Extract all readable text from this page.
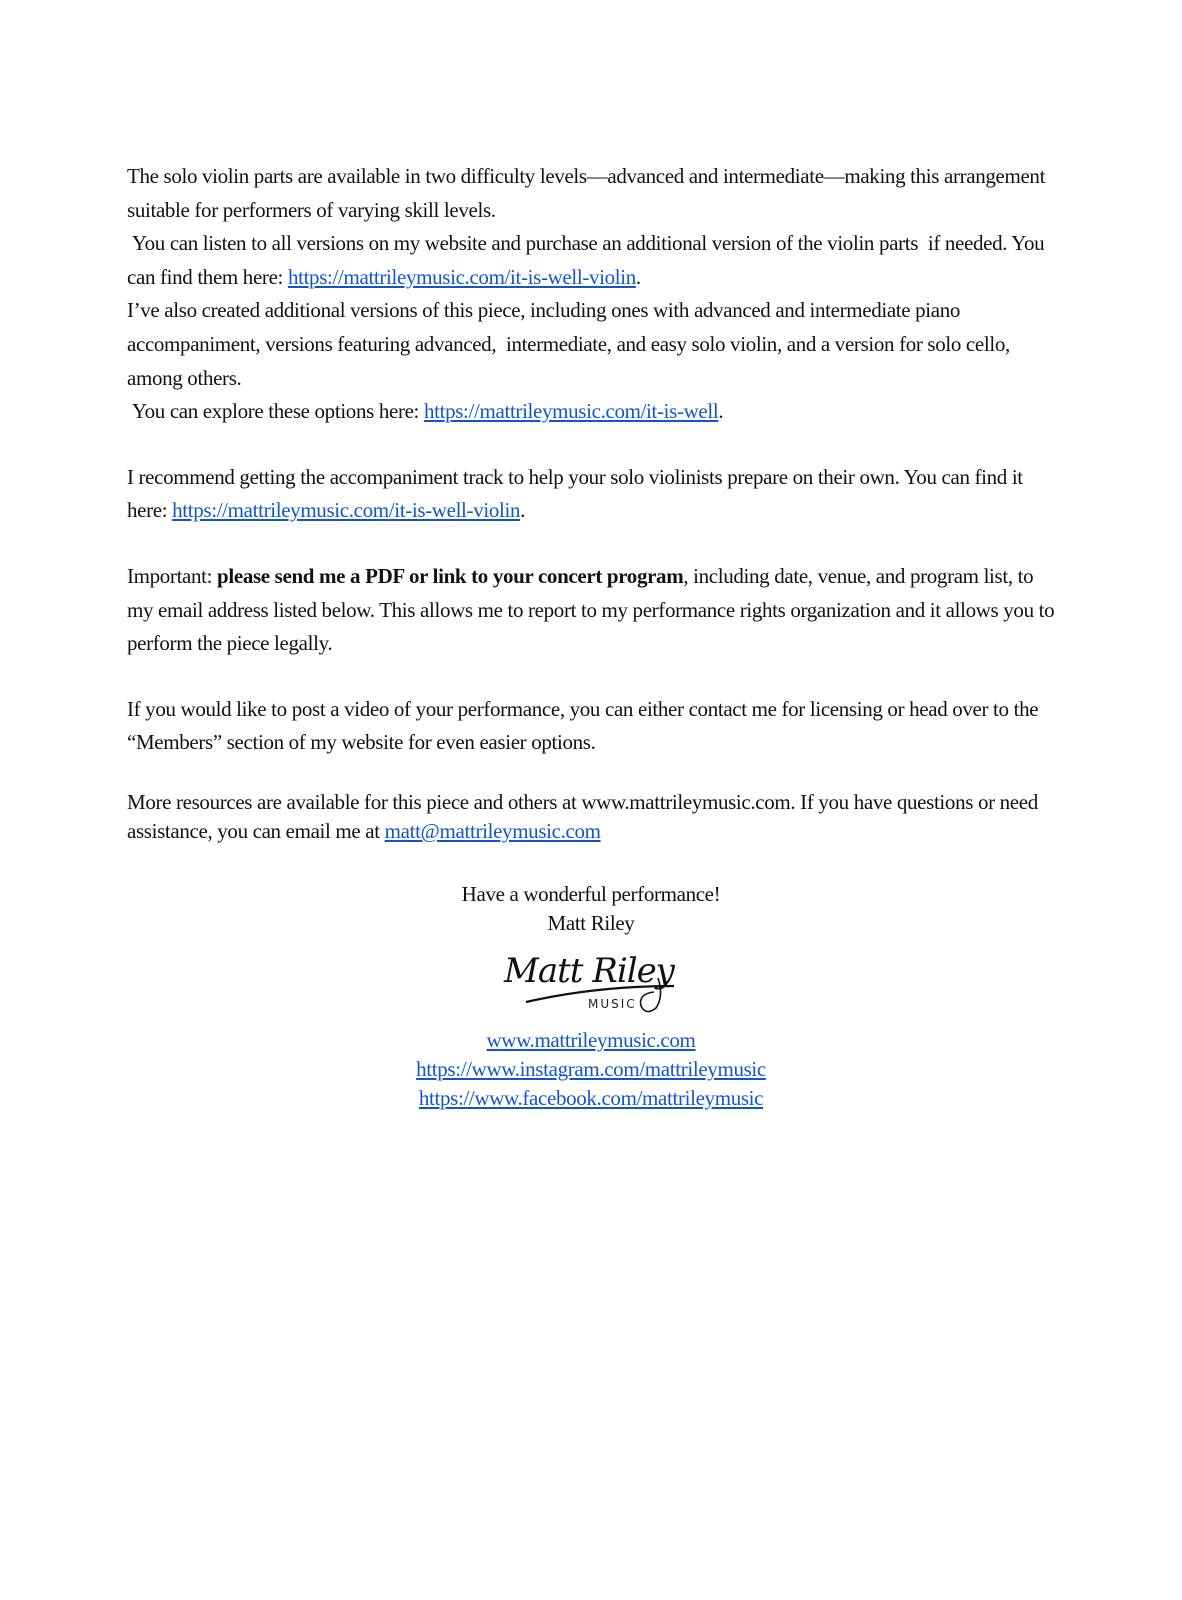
The solo violin parts are available in two difficulty levels—advanced and intermediate—making this arrangement suitable for performers of varying skill levels.
You can listen to all versions on my website and purchase an additional version of the violin parts  if needed. You can find them here: https://mattrileymusic.com/it-is-well-violin.
I’ve also created additional versions of this piece, including ones with advanced and intermediate piano accompaniment, versions featuring advanced,  intermediate, and easy solo violin, and a version for solo cello, among others.
You can explore these options here: https://mattrileymusic.com/it-is-well.

I recommend getting the accompaniment track to help your solo violinists prepare on their own. You can find it here: https://mattrileymusic.com/it-is-well-violin.

Important: please send me a PDF or link to your concert program, including date, venue, and program list, to my email address listed below. This allows me to report to my performance rights organization and it allows you to perform the piece legally.

If you would like to post a video of your performance, you can either contact me for licensing or head over to the “Members” section of my website for even easier options.

More resources are available for this piece and others at www.mattrileymusic.com. If you have questions or need assistance, you can email me at matt@mattrileymusic.com

Have a wonderful performance!
Matt Riley
Matt Riley
MUSIC
www.mattrileymusic.com
https://www.instagram.com/mattrileymusic
https://www.facebook.com/mattrileymusic
